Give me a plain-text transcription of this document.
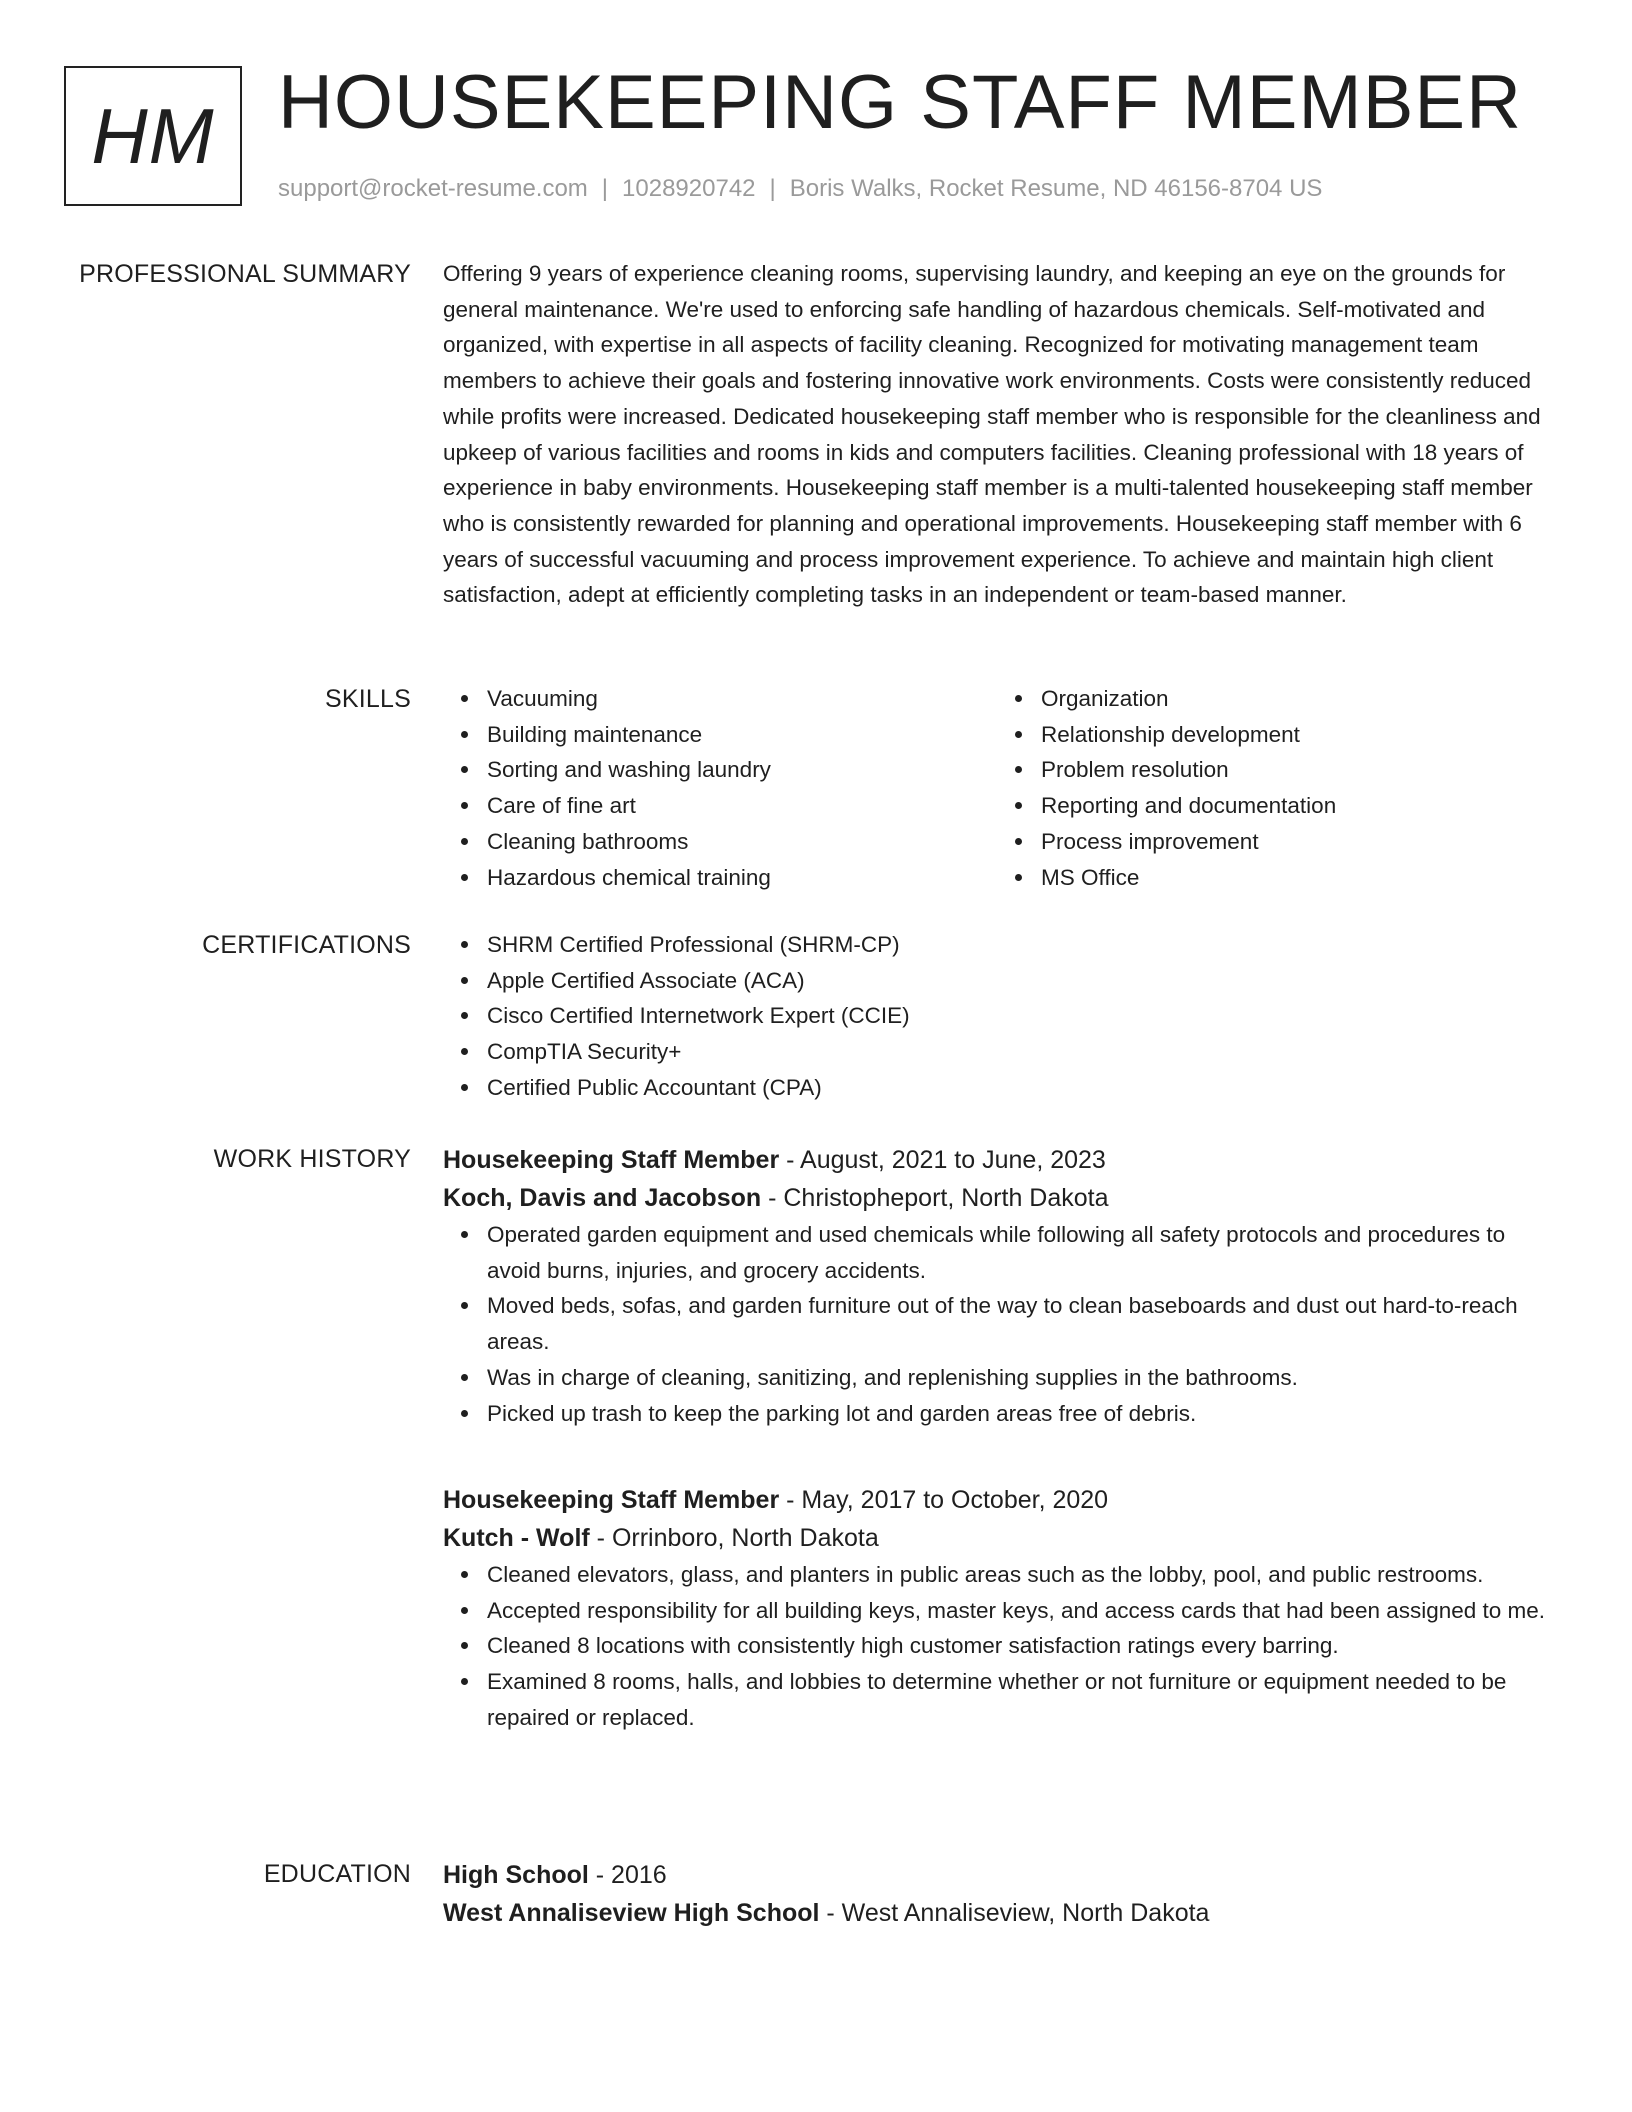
HM HOUSEKEEPING STAFF MEMBER
support@rocket-resume.com | 1028920742 | Boris Walks, Rocket Resume, ND 46156-8704 US
PROFESSIONAL SUMMARY Offering 9 years of experience cleaning rooms, supervising laundry, and keeping an eye on the grounds for general maintenance. We're used to enforcing safe handling of hazardous chemicals. Self-motivated and organized, with expertise in all aspects of facility cleaning. Recognized for motivating management team members to achieve their goals and fostering innovative work environments. Costs were consistently reduced while profits were increased. Dedicated housekeeping staff member who is responsible for the cleanliness and upkeep of various facilities and rooms in kids and computers facilities. Cleaning professional with 18 years of experience in baby environments. Housekeeping staff member is a multi-talented housekeeping staff member who is consistently rewarded for planning and operational improvements. Housekeeping staff member with 6 years of successful vacuuming and process improvement experience. To achieve and maintain high client satisfaction, adept at efficiently completing tasks in an independent or team-based manner.
SKILLS	Vacuuming
Building maintenance
Sorting and washing laundry
Care of fine art
Cleaning bathrooms
Hazardous chemical training
Organization
Relationship development
Problem resolution
Reporting and documentation
Process improvement
MS Office
CERTIFICATIONS	SHRM Certified Professional (SHRM-CP)
Apple Certified Associate (ACA)
Cisco Certified Internetwork Expert (CCIE)
CompTIA Security+
Certified Public Accountant (CPA)
WORK HISTORY Housekeeping Staff Member - August, 2021 to June, 2023
Koch, Davis and Jacobson - Christopheport, North Dakota
Operated garden equipment and used chemicals while following all safety protocols and procedures to avoid burns, injuries, and grocery accidents.
Moved beds, sofas, and garden furniture out of the way to clean baseboards and dust out hard-to-reach areas.
Was in charge of cleaning, sanitizing, and replenishing supplies in the bathrooms.
Picked up trash to keep the parking lot and garden areas free of debris.
Housekeeping Staff Member - May, 2017 to October, 2020
Kutch - Wolf - Orrinboro, North Dakota
Cleaned elevators, glass, and planters in public areas such as the lobby, pool, and public restrooms.
Accepted responsibility for all building keys, master keys, and access cards that had been assigned to me.
Cleaned 8 locations with consistently high customer satisfaction ratings every barring.
Examined 8 rooms, halls, and lobbies to determine whether or not furniture or equipment needed to be repaired or replaced.
EDUCATION High School - 2016
West Annaliseview High School - West Annaliseview, North Dakota
